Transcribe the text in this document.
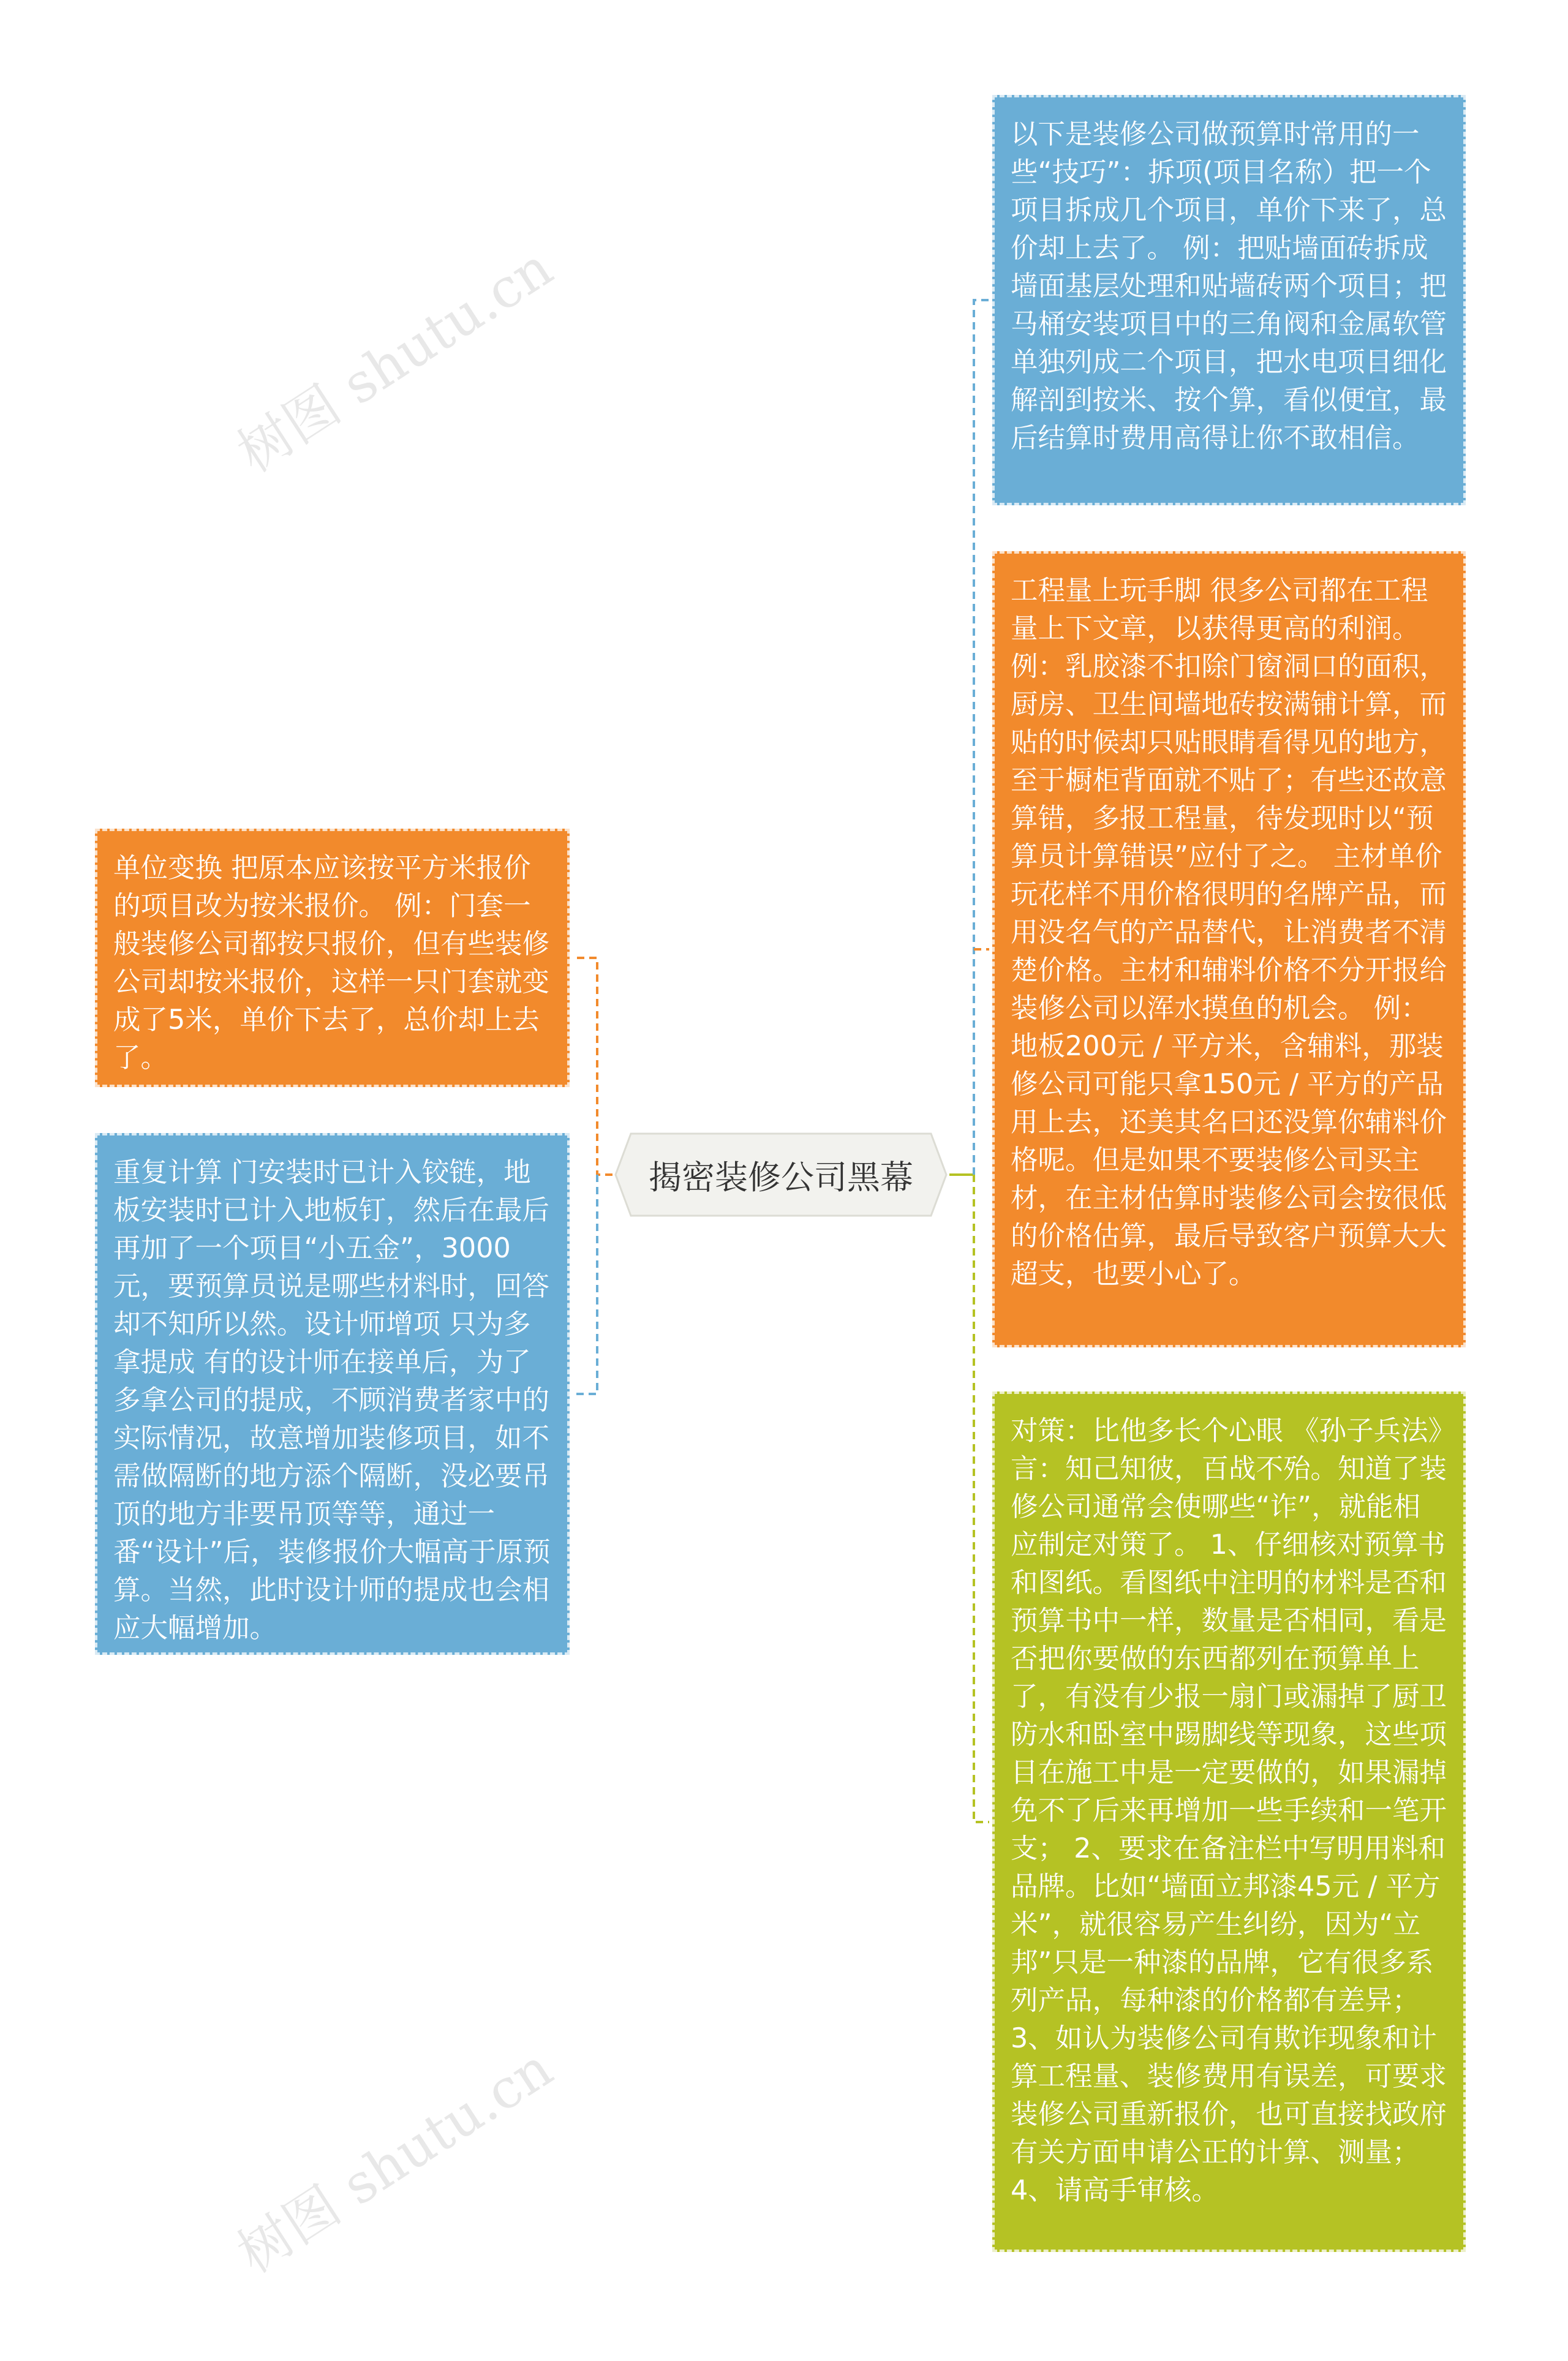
树图 shutu.cn
树图 shutu.cn
揭密装修公司黑幕
单位变换 把原本应该按平方米报价的项目改为按米报价。 例：门套一般装修公司都按只报价，但有些装修公司却按米报价，这样一只门套就变成了5米，单价下去了，总价却上去了。
重复计算 门安装时已计入铰链，地板安装时已计入地板钉，然后在最后再加了一个项目“小五金”，3000元，要预算员说是哪些材料时，回答却不知所以然。设计师增项 只为多拿提成 有的设计师在接单后，为了多拿公司的提成，不顾消费者家中的实际情况，故意增加装修项目，如不需做隔断的地方添个隔断，没必要吊顶的地方非要吊顶等等，通过一番“设计”后，装修报价大幅高于原预算。当然，此时设计师的提成也会相应大幅增加。
以下是装修公司做预算时常用的一些“技巧”：拆项(项目名称）把一个项目拆成几个项目，单价下来了，总价却上去了。 例：把贴墙面砖拆成墙面基层处理和贴墙砖两个项目；把马桶安装项目中的三角阀和金属软管单独列成二个项目，把水电项目细化解剖到按米、按个算，看似便宜，最后结算时费用高得让你不敢相信。
工程量上玩手脚 很多公司都在工程量上下文章，以获得更高的利润。 例：乳胶漆不扣除门窗洞口的面积，厨房、卫生间墙地砖按满铺计算，而贴的时候却只贴眼睛看得见的地方，至于橱柜背面就不贴了；有些还故意算错，多报工程量，待发现时以“预算员计算错误”应付了之。 主材单价玩花样不用价格很明的名牌产品，而用没名气的产品替代，让消费者不清楚价格。主材和辅料价格不分开报给装修公司以浑水摸鱼的机会。 例：地板200元 / 平方米，含辅料，那装修公司可能只拿150元 / 平方的产品用上去，还美其名曰还没算你辅料价格呢。但是如果不要装修公司买主材，在主材估算时装修公司会按很低的价格估算，最后导致客户预算大大超支，也要小心了。
对策：比他多长个心眼 《孙子兵法》言：知己知彼，百战不殆。知道了装修公司通常会使哪些“诈”，就能相应制定对策了。 1、仔细核对预算书和图纸。看图纸中注明的材料是否和预算书中一样，数量是否相同，看是否把你要做的东西都列在预算单上了，有没有少报一扇门或漏掉了厨卫防水和卧室中踢脚线等现象，这些项目在施工中是一定要做的，如果漏掉免不了后来再增加一些手续和一笔开支； 2、要求在备注栏中写明用料和品牌。比如“墙面立邦漆45元 / 平方米”，就很容易产生纠纷，因为“立邦”只是一种漆的品牌，它有很多系列产品，每种漆的价格都有差异； 3、如认为装修公司有欺诈现象和计算工程量、装修费用有误差，可要求装修公司重新报价，也可直接找政府有关方面申请公正的计算、测量； 4、请高手审核。
